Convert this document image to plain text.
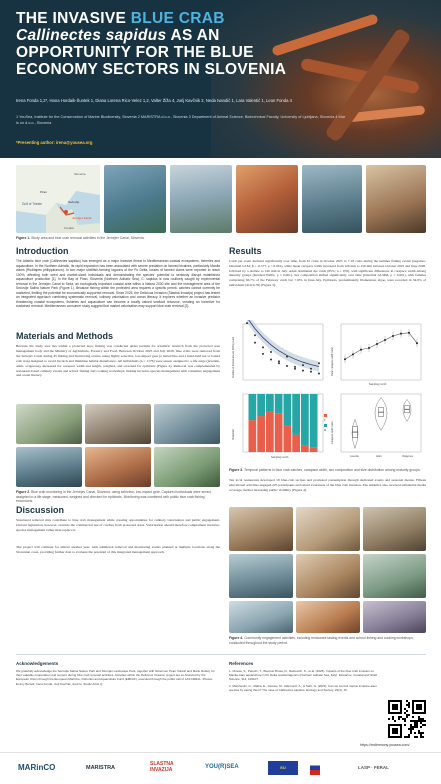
THE INVASIVE BLUE CRAB
Callinectes sapidus AS AN
OPPORTUNITY FOR THE BLUE
ECONOMY SECTORS IN SLOVENIA
Irena Fonda 1,2*, Hana Hordaik-Šuntek 1, Diana Lorena Rico-Velez 1,2, Valter Žiža 4, Jurij Kavčnik 2, Neda Ivandić 1, Lara Valentić 1, Leon Fonda 4
1 YouSea, Institute for the Conservation of Marine Biodiversity, Slovenia 2 MARISTRA d.o.o., Slovenia 3 Department of Animal Science, Biotechnical Faculty, University of Ljubljana, Slovenia 4 Mar is on d.o.o., Slovenia
*Presenting author: irena@yousea.org
Gulf of Trieste
Piran
Sečovlje
Jernejev kanal
Croatia
Slovenia
Figure 1. Study area and blue crab removal activities in the Jernejev Canal, Slovenia.
Introduction
The Atlantic blue crab (Callinectes sapidus) has emerged as a major invasive threat to Mediterranean coastal ecosystems, fisheries and aquaculture. In the Northern Adriatic, its rapid expansion has been associated with severe predation on farmed bivalves, particularly Manila clams (Ruditapes philippinarum). In two major shellfish-farming lagoons of the Po Delta, losses of farmed clams were reported to reach 100%, affecting both seed and market-sized individuals and demonstrating the species' potential to seriously disrupt established aquaculture production [1]. In the Bay of Piran, Slovenia (Northern Adriatic Sea), C. sapidus is now routinely caught by experimental removal in the Jernejev Canal to Seča, an ecologically important coastal area within a Natura 2000 site and the management area of the Sečovlje Salina Nature Park (Figure 1). Because fishing within the protected area requires a specific permit, catches cannot currently be marketed, limiting the potential for economically supported removal. Since 2025, the Delicious Invasion (Slastna Invazija) project has tested an integrated approach combining systematic removal, culinary valorisation and ocean literacy. It explores whether an invasive predator threatening coastal ecosystems, fisheries and aquaculture can become a locally valued seafood resource, creating an incentive for sustained removal. Mediterranean consumer study suggest that market valorisation may support blue crab removal [2].
Materials and Methods
Because the study area lies within a protected area, fishing was conducted under permits for scientific research from the protected area management body and the Ministry of Agriculture, Forestry and Food. Between October 2025 and July 2026, blue crabs were removed from the Jernejev Canal during 45 fishing and monitoring events, using highly selective, low-impact gear (a baited line and a hand-held net or baited crab trap) designed to avoid bycatch and minimise habitat disturbance. All individuals (n = 1176) were sexed, assigned to a life stage (juvenile, adult, ovigerous), measured for carapace width and length, weighed, and screened for epibionts (Figure 2). Removal was complemented by restaurant-based culinary events and school fishing and cooking workshops, linking invasive-species management with consumer engagement and ocean literacy.
Figure 2. Blue crab monitoring in the Jernejev Canal, Slovenia, using selective, low-impact gear. Captured individuals were sexed, assigned to a life stage, measured, weighed and checked for epibionts. Monitoring was combined with public blue crab fishing excursions.
Discussion
Structured removal may contribute to blue crab management while creating opportunities for culinary valorisation and public engagement. Current legislation, however, restricts the commercial use of catches from protected areas. Valorisation should therefore complement invasive-species management rather than replace it.
The project will continue for almost another year, with additional removal and monitoring events planned at multiple locations along the Slovenian coast, providing further data to evaluate the potential of this integrated management approach.
Results
Catch per event declined significantly over time, from 61 crabs in October 2025 to 7-18 crabs during the summer fishing events (negative-binomial GLM; β = -0.577, p < 0.001), while mean carapace width increased from 126 mm to 159 mm between October 2025 and June 2026, followed by a decline to 146 mm in July. Adult dominated the catch (85%; n = 979), with significant differences in carapace width among maturity groups (Kruskal-Wallis, p < 0.001). Sex composition shifted significantly over time (binomial GLMM, p < 0.001), with females comprising 66.7% of the February catch but <10% in June-July. Epibionts, predominantly filamentous algae, were recorded in 34.9% of individuals (410/1176) (Figure 3).
Number of individuals per fishing event	Mean carapace width (mm)
Sampling month
Proportion
Sampling month
F
M Carapace width (mm)
Juvenile	Adult	Ovigerous
Figure 3. Temporal patterns in blue crab catches, carapace width, sex composition and size distribution among maturity groups.
Ten local restaurants developed 18 blue-crab recipes and promoted consumption through dedicated events and seasonal menus. Fifteen educational activities engaged 225 participants and raised awareness of the blue crab invasion. The initiative also received substantial media coverage, further increasing public visibility (Figure 4).
Figure 4. Community engagement activities, including restaurant tasting events and school fishing and cooking workshops, conducted throughout the study period.
Acknowledgements
We gratefully acknowledge the Sečovlje Salina Nature Park and Strunjan Landscape Park, together with fishermen Peter Volarič and Mario Rebolj, for their valuable cooperation and support during blue crab removal activities. Activities within the Delicious Invasion project are co-financed by the European Union through the European Maritime, Fisheries and Aquaculture Fund (EMFAF), executed through the public call of LAS FERAL. Photos: Emmy Bonelli, Irena Fonda, Jurij Kavčnik, Arezzo, Studio Artist Q.
References
1. Chiesa, S., Petochi, T., Boscolo Brusà, R., Raicevich, S., et al. (2025). Impacts of the blue crab invasion on Manila clam aquaculture in Po Delta coastal lagoons (Northern Adriatic Sea, Italy). Estuarine, Coastal and Shelf Science, 312, 109107.
2. Marchesini, G., Mattia, E., Giorato, M., Aldenucci, A., & Sarti, G. (2024). Can we control marine invasive alien species by eating them? The case of Callinectes sapidus. Ecology and Society, 29(4), 15.
https://mdimmony.yousea.com/
MARinCO	MARISTRA
SLASTNA INVAZIJA	YOU(R)SEA	EU	LASP · FERAL
